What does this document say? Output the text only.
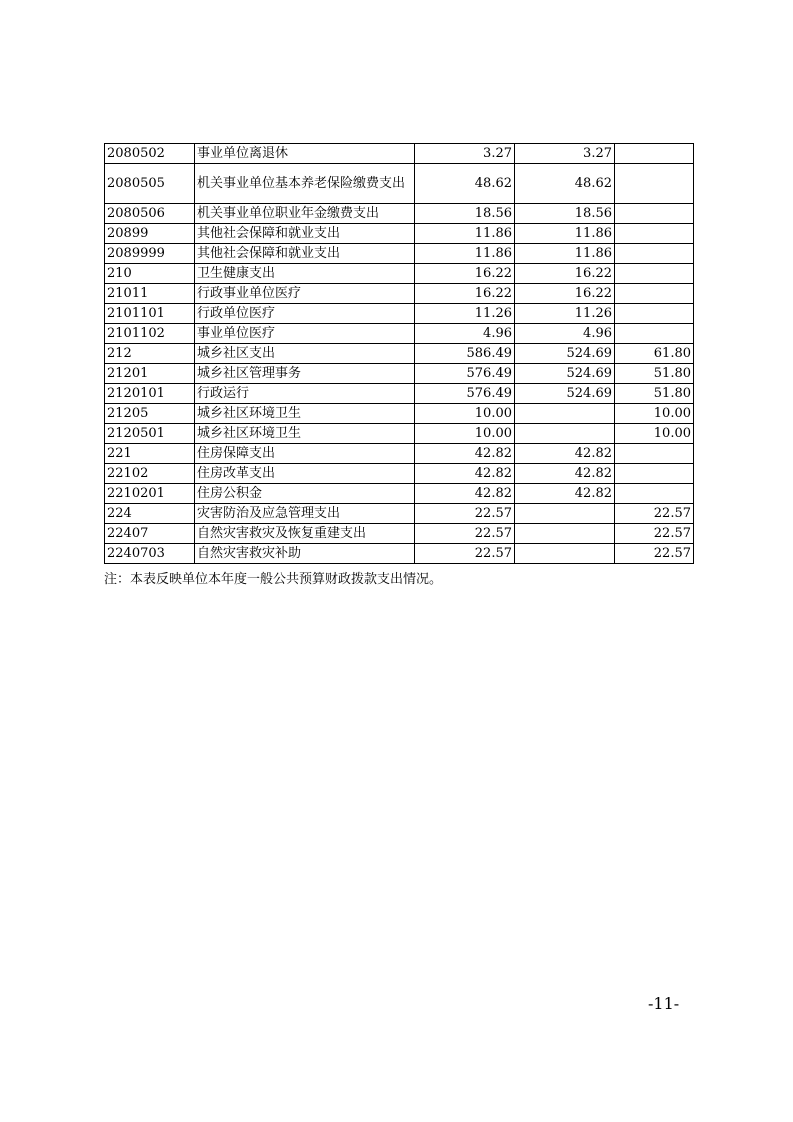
2080502	事业单位离退休	3.27	3.27	
2080505	机关事业单位基本养老保险缴费支出	48.62	48.62	
2080506	机关事业单位职业年金缴费支出	18.56	18.56	
20899	其他社会保障和就业支出	11.86	11.86	
2089999	其他社会保障和就业支出	11.86	11.86	
210	卫生健康支出	16.22	16.22	
21011	行政事业单位医疗	16.22	16.22	
2101101	行政单位医疗	11.26	11.26	
2101102	事业单位医疗	4.96	4.96	
212	城乡社区支出	586.49	524.69	61.80
21201	城乡社区管理事务	576.49	524.69	51.80
2120101	行政运行	576.49	524.69	51.80
21205	城乡社区环境卫生	10.00		10.00
2120501	城乡社区环境卫生	10.00		10.00
221	住房保障支出	42.82	42.82	
22102	住房改革支出	42.82	42.82	
2210201	住房公积金	42.82	42.82	
224	灾害防治及应急管理支出	22.57		22.57
22407	自然灾害救灾及恢复重建支出	22.57		22.57
2240703	自然灾害救灾补助	22.57		22.57
注：本表反映单位本年度一般公共预算财政拨款支出情况。
-11-
